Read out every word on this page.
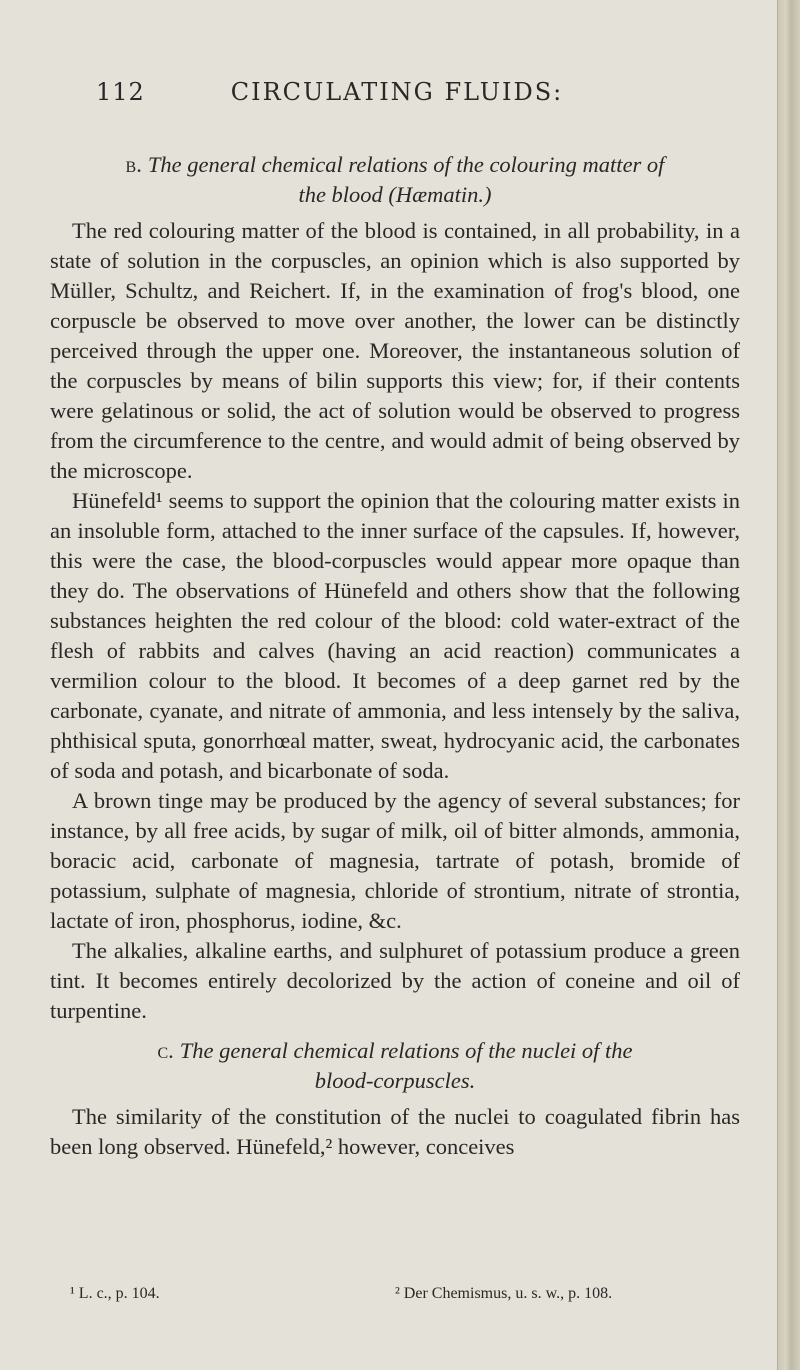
112	CIRCULATING FLUIDS:
b. The general chemical relations of the colouring matter of
the blood (Hæmatin.)

The red colouring matter of the blood is contained, in all probability, in a state of solution in the corpuscles, an opinion which is also supported by Müller, Schultz, and Reichert. If, in the examination of frog's blood, one corpuscle be observed to move over another, the lower can be distinctly perceived through the upper one. Moreover, the instantaneous solution of the corpuscles by means of bilin supports this view; for, if their contents were gelatinous or solid, the act of solution would be observed to progress from the circumference to the centre, and would admit of being observed by the microscope.

Hünefeld¹ seems to support the opinion that the colouring matter exists in an insoluble form, attached to the inner surface of the capsules. If, however, this were the case, the blood-corpuscles would appear more opaque than they do. The observations of Hünefeld and others show that the following substances heighten the red colour of the blood: cold water-extract of the flesh of rabbits and calves (having an acid reaction) communicates a vermilion colour to the blood. It becomes of a deep garnet red by the carbonate, cyanate, and nitrate of ammonia, and less intensely by the saliva, phthisical sputa, gonorrhœal matter, sweat, hydrocyanic acid, the carbonates of soda and potash, and bicarbonate of soda.

A brown tinge may be produced by the agency of several substances; for instance, by all free acids, by sugar of milk, oil of bitter almonds, ammonia, boracic acid, carbonate of magnesia, tartrate of potash, bromide of potassium, sulphate of magnesia, chloride of strontium, nitrate of strontia, lactate of iron, phosphorus, iodine, &c.

The alkalies, alkaline earths, and sulphuret of potassium produce a green tint. It becomes entirely decolorized by the action of coneine and oil of turpentine.

c. The general chemical relations of the nuclei of the
blood-corpuscles.

The similarity of the constitution of the nuclei to coagulated fibrin has been long observed. Hünefeld,² however, conceives

¹ L. c., p. 104.	² Der Chemismus, u. s. w., p. 108.
